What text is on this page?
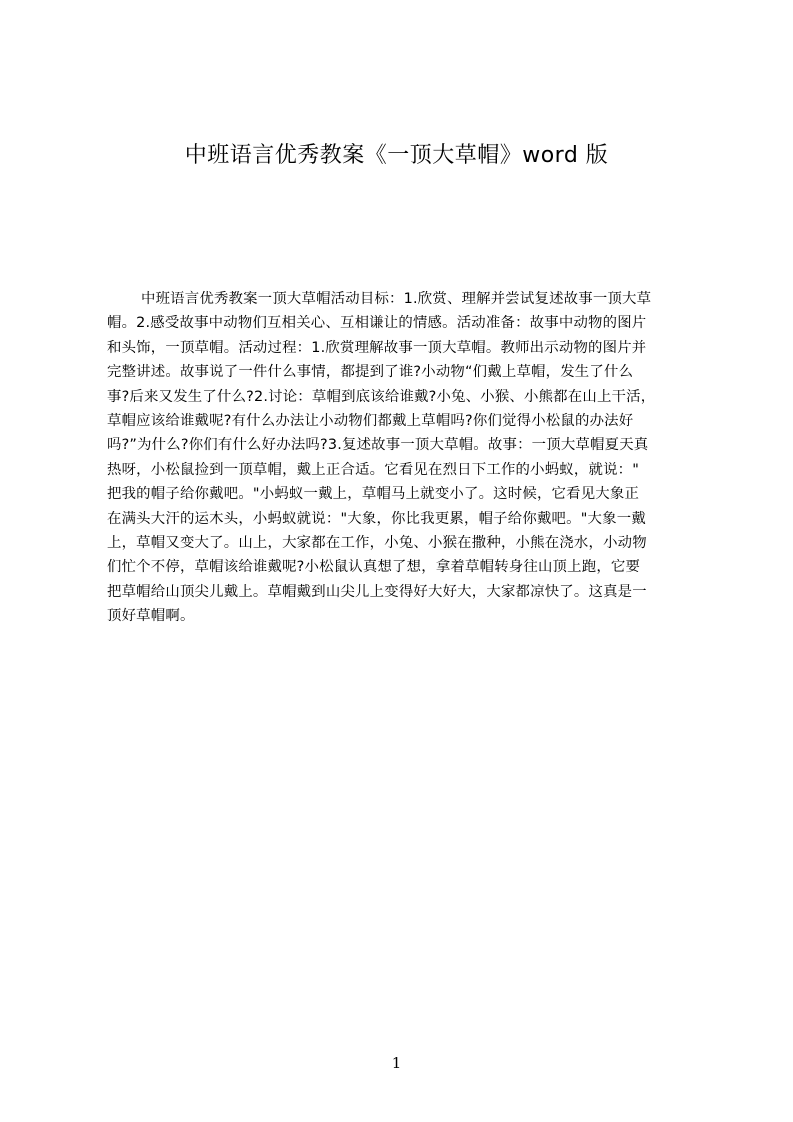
中班语言优秀教案《一顶大草帽》word 版
中班语言优秀教案一顶大草帽活动目标：1.欣赏、理解并尝试复述故事一顶大草
帽。2.感受故事中动物们互相关心、互相谦让的情感。活动准备：故事中动物的图片
和头饰，一顶草帽。活动过程：1.欣赏理解故事一顶大草帽。教师出示动物的图片并
完整讲述。故事说了一件什么事情，都提到了谁?小动物“们戴上草帽，发生了什么
事?后来又发生了什么?2.讨论：草帽到底该给谁戴?小兔、小猴、小熊都在山上干活，
草帽应该给谁戴呢?有什么办法让小动物们都戴上草帽吗?你们觉得小松鼠的办法好
吗?”为什么?你们有什么好办法吗?3.复述故事一顶大草帽。故事：一顶大草帽夏天真
热呀，小松鼠捡到一顶草帽，戴上正合适。它看见在烈日下工作的小蚂蚁，就说："
把我的帽子给你戴吧。"小蚂蚁一戴上，草帽马上就变小了。这时候，它看见大象正
在满头大汗的运木头，小蚂蚁就说："大象，你比我更累，帽子给你戴吧。"大象一戴
上，草帽又变大了。山上，大家都在工作，小兔、小猴在撒种，小熊在浇水，小动物
们忙个不停，草帽该给谁戴呢?小松鼠认真想了想，拿着草帽转身往山顶上跑，它要
把草帽给山顶尖儿戴上。草帽戴到山尖儿上变得好大好大，大家都凉快了。这真是一
顶好草帽啊。
1
